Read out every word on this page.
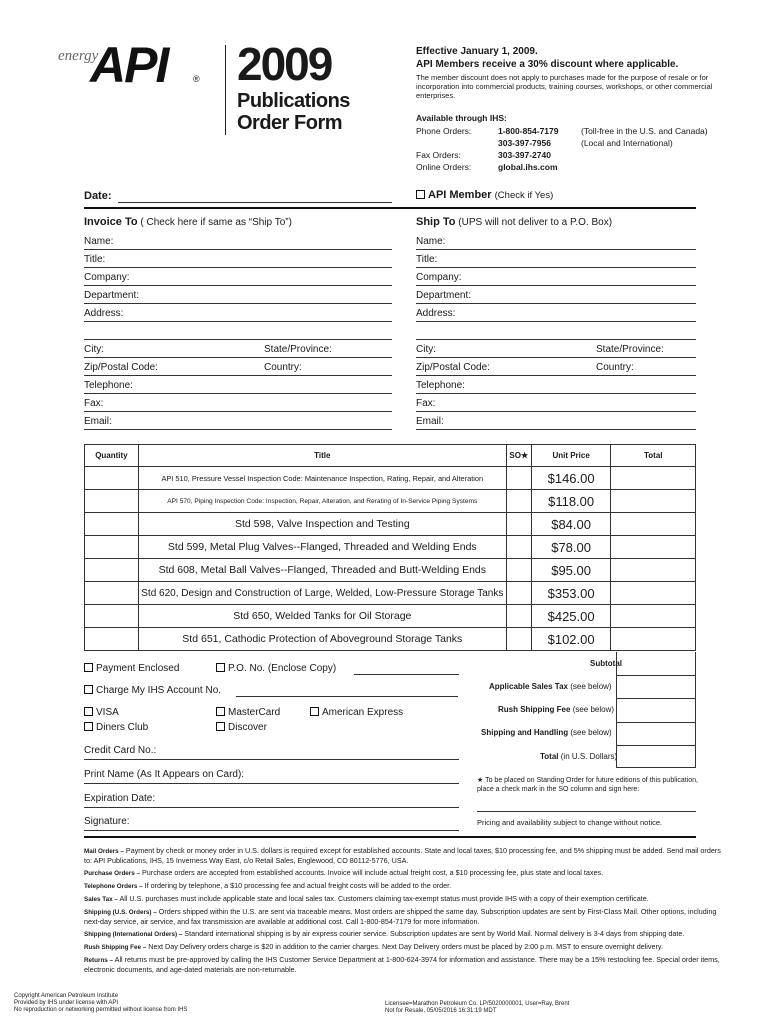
energy
API	® 2009
Publications
Order Form
Effective January 1, 2009.
API Members receive a 30% discount where applicable.
The member discount does not apply to purchases made for the purpose of resale or for incorporation into commercial products, training courses, workshops, or other commercial enterprises.
Available through IHS:
Phone Orders:	1-800-854-7179	(Toll-free in the U.S. and Canada)
303-397-7956	(Local and International)
Fax Orders:	303-397-2740
Online Orders:	global.ihs.com
Date:	API Member (Check if Yes)
Invoice To ( Check here if same as “Ship To”)	Ship To (UPS will not deliver to a P.O. Box)
Name:
Title:
Company:
Department:
Address:
City:	State/Province:
Zip/Postal Code:	Country:
Telephone:
Fax:
Email:
Name:
Title:
Company:
Department:
Address:
City:	State/Province:
Zip/Postal Code:	Country:
Telephone:
Fax:
Email:
Quantity	Title	SO★	Unit Price	Total
	API 510, Pressure Vessel Inspection Code: Maintenance Inspection, Rating, Repair, and Alteration		$146.00	
	API 570, Piping Inspection Code: Inspection, Repair, Alteration, and Rerating of In-Service Piping Systems		$118.00	
	Std 598, Valve Inspection and Testing		$84.00	
	Std 599, Metal Plug Valves--Flanged, Threaded and Welding Ends		$78.00	
	Std 608, Metal Ball Valves--Flanged, Threaded and Butt-Welding Ends		$95.00	
	Std 620, Design and Construction of Large, Welded, Low-Pressure Storage Tanks		$353.00	
	Std 650, Welded Tanks for Oil Storage		$425.00	
	Std 651, Cathodic Protection of Aboveground Storage Tanks		$102.00	
Subtotal
Applicable Sales Tax (see below)
Rush Shipping Fee (see below)
Shipping and Handling (see below)
Total (in U.S. Dollars)
★ To be placed on Standing Order for future editions of this publication, place a check mark in the SO column and sign here:
Pricing and availability subject to change without notice.
Payment Enclosed	P.O. No. (Enclose Copy)
Charge My IHS Account No.
VISA	MasterCard	American Express
Diners Club	Discover
Credit Card No.:
Print Name (As It Appears on Card):
Expiration Date:
Signature:
Mail Orders – Payment by check or money order in U.S. dollars is required except for established accounts. State and local taxes, $10 processing fee, and 5% shipping must be added. Send mail orders to: API Publications, IHS, 15 Inverness Way East, c/o Retail Sales, Englewood, CO 80112-5776, USA.
Purchase Orders – Purchase orders are accepted from established accounts. Invoice will include actual freight cost, a $10 processing fee, plus state and local taxes.
Telephone Orders – If ordering by telephone, a $10 processing fee and actual freight costs will be added to the order.
Sales Tax – All U.S. purchases must include applicable state and local sales tax. Customers claiming tax-exempt status must provide IHS with a copy of their exemption certificate.
Shipping (U.S. Orders) – Orders shipped within the U.S. are sent via traceable means. Most orders are shipped the same day. Subscription updates are sent by First-Class Mail. Other options, including next-day service, air service, and fax transmission are available at additional cost. Call 1-800-854-7179 for more information.
Shipping (International Orders) – Standard international shipping is by air express courier service. Subscription updates are sent by World Mail. Normal delivery is 3-4 days from shipping date.
Rush Shipping Fee – Next Day Delivery orders charge is $20 in addition to the carrier charges. Next Day Delivery orders must be placed by 2:00 p.m. MST to ensure overnight delivery.
Returns – All returns must be pre-approved by calling the IHS Customer Service Department at 1-800-624-3974 for information and assistance. There may be a 15% restocking fee. Special order items, electronic documents, and age-dated materials are non-returnable.
Copyright American Petroleum Institute
Provided by IHS under license with API
No reproduction or networking permitted without license from IHS
Licensee=Marathon Petroleum Co. LP/5020000001, User=Ray, Brent
Not for Resale, 05/05/2016 16:31:19 MDT
